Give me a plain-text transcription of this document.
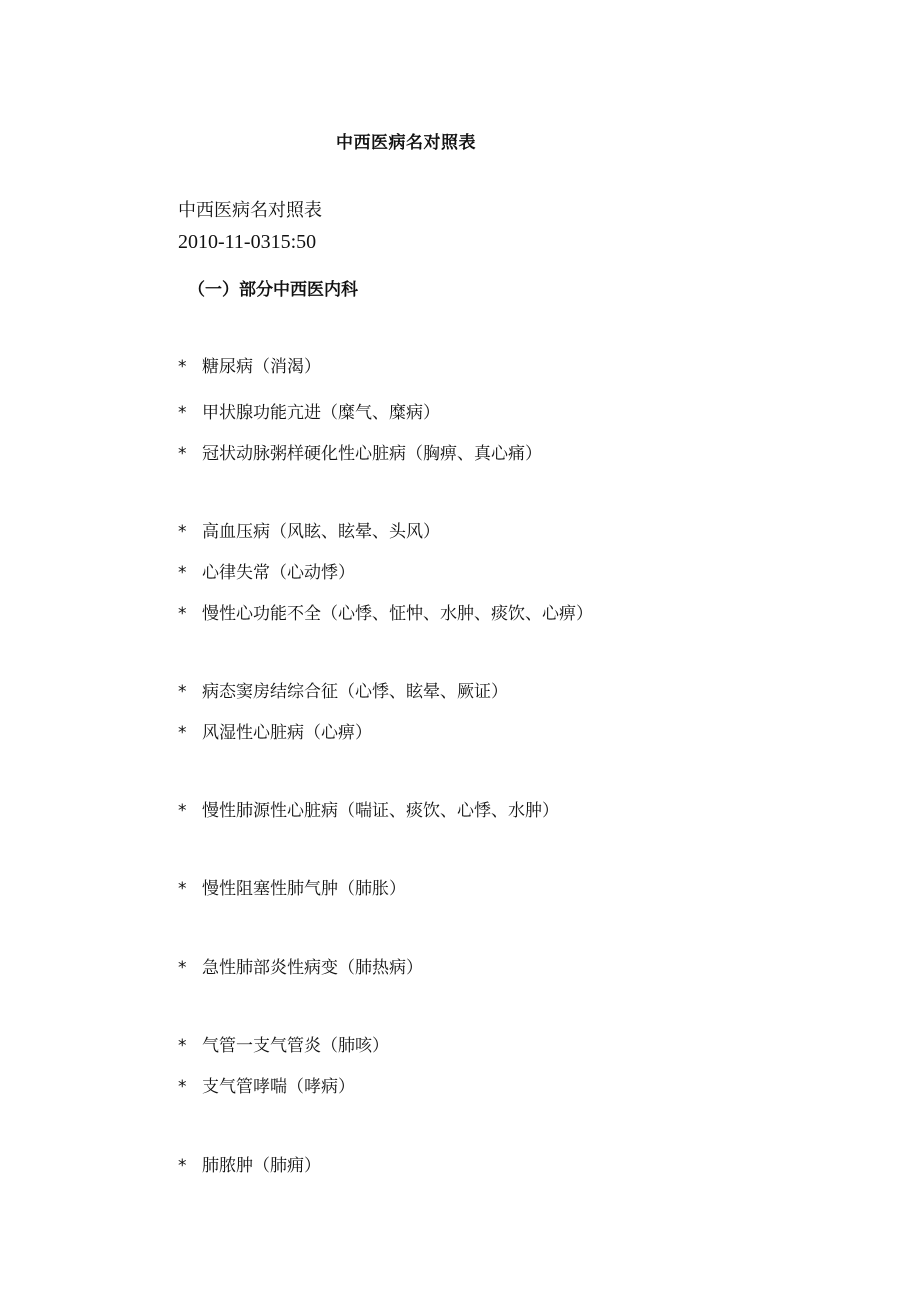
中西医病名对照表
中西医病名对照表
2010-11-0315:50
（一）部分中西医内科
* 糖尿病（消渴）
* 甲状腺功能亢进（糜气、糜病）
* 冠状动脉粥样硬化性心脏病（胸痹、真心痛）
* 高血压病（风眩、眩晕、头风）
* 心律失常（心动悸）
* 慢性心功能不全（心悸、怔忡、水肿、痰饮、心痹）
* 病态窦房结综合征（心悸、眩晕、厥证）
* 风湿性心脏病（心痹）
* 慢性肺源性心脏病（喘证、痰饮、心悸、水肿）
* 慢性阻塞性肺气肿（肺胀）
* 急性肺部炎性病变（肺热病）
* 气管一支气管炎（肺咳）
* 支气管哮喘（哮病）
* 肺脓肿（肺痈）
